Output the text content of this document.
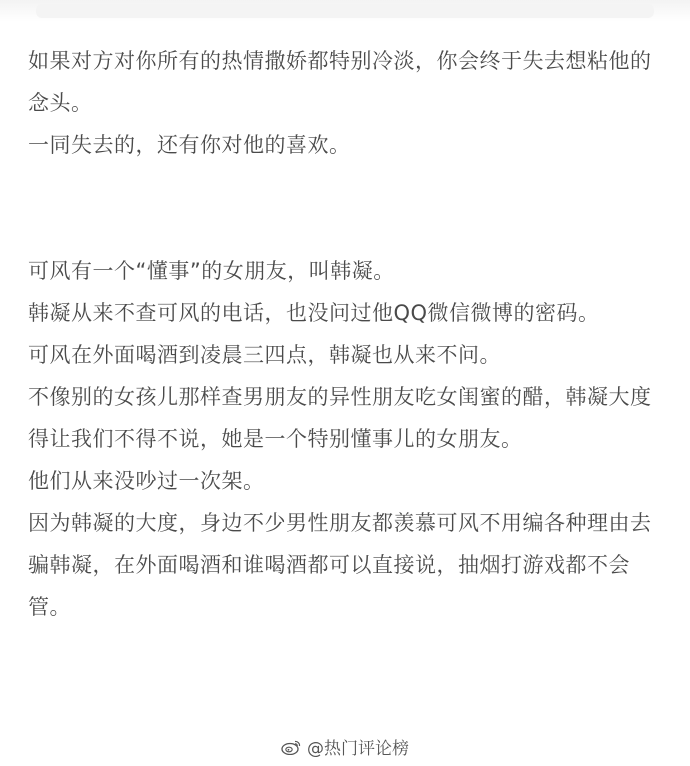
如果对方对你所有的热情撒娇都特别冷淡，你会终于失去想粘他的念头。

一同失去的，还有你对他的喜欢。

可风有一个“懂事”的女朋友，叫韩凝。

韩凝从来不查可风的电话，也没问过他QQ微信微博的密码。

可风在外面喝酒到凌晨三四点，韩凝也从来不问。

不像别的女孩儿那样查男朋友的异性朋友吃女闺蜜的醋，韩凝大度得让我们不得不说，她是一个特别懂事儿的女朋友。

他们从来没吵过一次架。

因为韩凝的大度，身边不少男性朋友都羡慕可风不用编各种理由去骗韩凝，在外面喝酒和谁喝酒都可以直接说，抽烟打游戏都不会管。

@热门评论榜
